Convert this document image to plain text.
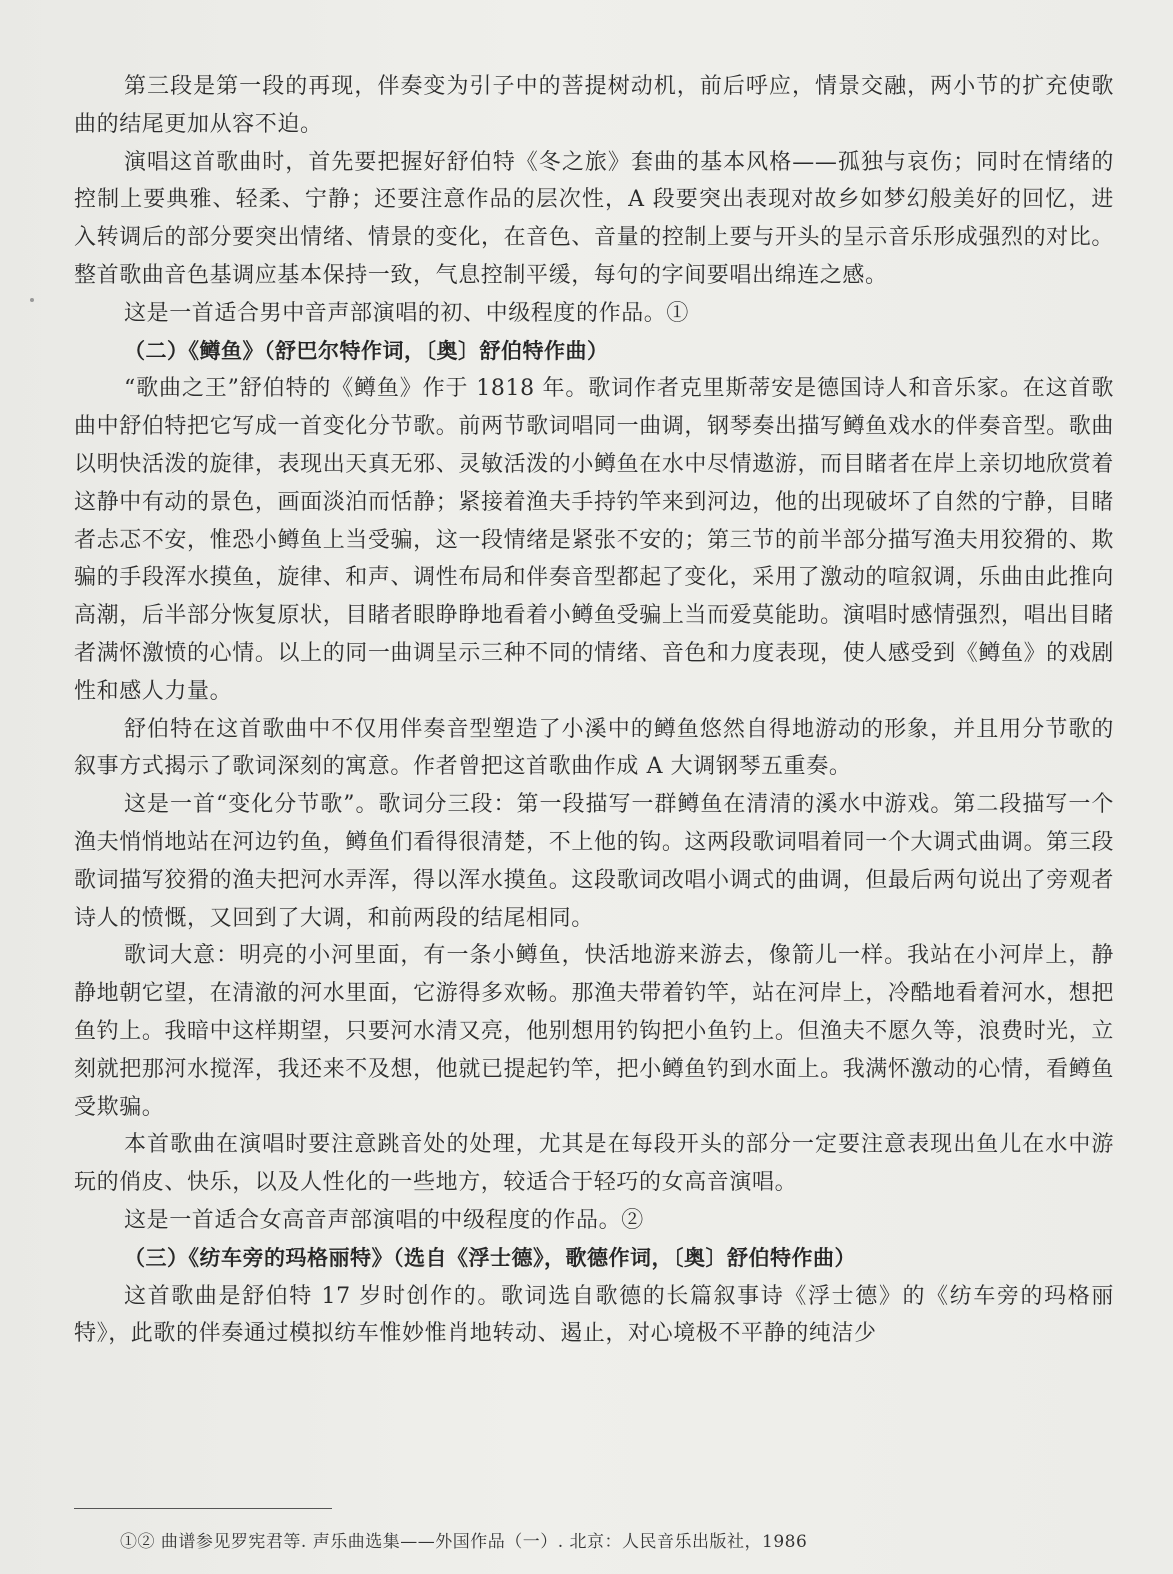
第三段是第一段的再现，伴奏变为引子中的菩提树动机，前后呼应，情景交融，两小节的扩充使歌曲的结尾更加从容不迫。

演唱这首歌曲时，首先要把握好舒伯特《冬之旅》套曲的基本风格——孤独与哀伤；同时在情绪的控制上要典雅、轻柔、宁静；还要注意作品的层次性，A 段要突出表现对故乡如梦幻般美好的回忆，进入转调后的部分要突出情绪、情景的变化，在音色、音量的控制上要与开头的呈示音乐形成强烈的对比。整首歌曲音色基调应基本保持一致，气息控制平缓，每句的字间要唱出绵连之感。

这是一首适合男中音声部演唱的初、中级程度的作品。①

（二）《鳟鱼》（舒巴尔特作词，〔奥〕舒伯特作曲）

“歌曲之王”舒伯特的《鳟鱼》作于 1818 年。歌词作者克里斯蒂安是德国诗人和音乐家。在这首歌曲中舒伯特把它写成一首变化分节歌。前两节歌词唱同一曲调，钢琴奏出描写鳟鱼戏水的伴奏音型。歌曲以明快活泼的旋律，表现出天真无邪、灵敏活泼的小鳟鱼在水中尽情遨游，而目睹者在岸上亲切地欣赏着这静中有动的景色，画面淡泊而恬静；紧接着渔夫手持钓竿来到河边，他的出现破坏了自然的宁静，目睹者忐忑不安，惟恐小鳟鱼上当受骗，这一段情绪是紧张不安的；第三节的前半部分描写渔夫用狡猾的、欺骗的手段浑水摸鱼，旋律、和声、调性布局和伴奏音型都起了变化，采用了激动的喧叙调，乐曲由此推向高潮，后半部分恢复原状，目睹者眼睁睁地看着小鳟鱼受骗上当而爱莫能助。演唱时感情强烈，唱出目睹者满怀激愤的心情。以上的同一曲调呈示三种不同的情绪、音色和力度表现，使人感受到《鳟鱼》的戏剧性和感人力量。

舒伯特在这首歌曲中不仅用伴奏音型塑造了小溪中的鳟鱼悠然自得地游动的形象，并且用分节歌的叙事方式揭示了歌词深刻的寓意。作者曾把这首歌曲作成 A 大调钢琴五重奏。

这是一首“变化分节歌”。歌词分三段：第一段描写一群鳟鱼在清清的溪水中游戏。第二段描写一个渔夫悄悄地站在河边钓鱼，鳟鱼们看得很清楚，不上他的钩。这两段歌词唱着同一个大调式曲调。第三段歌词描写狡猾的渔夫把河水弄浑，得以浑水摸鱼。这段歌词改唱小调式的曲调，但最后两句说出了旁观者诗人的愤慨，又回到了大调，和前两段的结尾相同。

歌词大意：明亮的小河里面，有一条小鳟鱼，快活地游来游去，像箭儿一样。我站在小河岸上，静静地朝它望，在清澈的河水里面，它游得多欢畅。那渔夫带着钓竿，站在河岸上，冷酷地看着河水，想把鱼钓上。我暗中这样期望，只要河水清又亮，他别想用钓钩把小鱼钓上。但渔夫不愿久等，浪费时光，立刻就把那河水搅浑，我还来不及想，他就已提起钓竿，把小鳟鱼钓到水面上。我满怀激动的心情，看鳟鱼受欺骗。

本首歌曲在演唱时要注意跳音处的处理，尤其是在每段开头的部分一定要注意表现出鱼儿在水中游玩的俏皮、快乐，以及人性化的一些地方，较适合于轻巧的女高音演唱。

这是一首适合女高音声部演唱的中级程度的作品。②

（三）《纺车旁的玛格丽特》（选自《浮士德》，歌德作词，〔奥〕舒伯特作曲）

这首歌曲是舒伯特 17 岁时创作的。歌词选自歌德的长篇叙事诗《浮士德》的《纺车旁的玛格丽特》，此歌的伴奏通过模拟纺车惟妙惟肖地转动、遏止，对心境极不平静的纯洁少

①② 曲谱参见罗宪君等. 声乐曲选集——外国作品（一）. 北京：人民音乐出版社，1986
